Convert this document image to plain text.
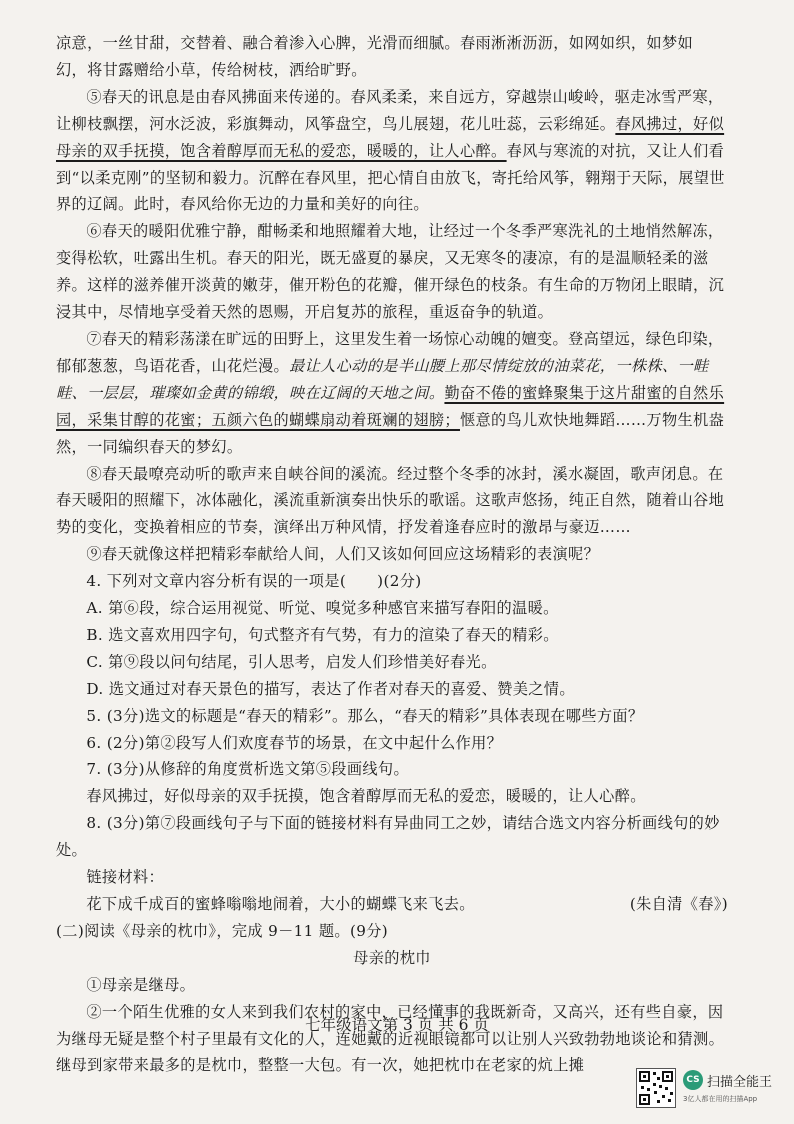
凉意，一丝甘甜，交替着、融合着渗入心脾，光滑而细腻。春雨淅淅沥沥，如网如织，如梦如

幻，将甘露赠给小草，传给树枝，洒给旷野。

⑤春天的讯息是由春风拂面来传递的。春风柔柔，来自远方，穿越崇山峻岭，驱走冰雪严寒，让柳枝飘摆，河水泛波，彩旗舞动，风筝盘空，鸟儿展翅，花儿吐蕊，云彩绵延。春风拂过，好似母亲的双手抚摸，饱含着醇厚而无私的爱恋，暖暖的，让人心醉。春风与寒流的对抗，又让人们看到“以柔克刚”的坚韧和毅力。沉醉在春风里，把心情自由放飞，寄托给风筝，翱翔于天际，展望世界的辽阔。此时，春风给你无边的力量和美好的向往。

⑥春天的暖阳优雅宁静，酣畅柔和地照耀着大地，让经过一个冬季严寒洗礼的土地悄然解冻，变得松软，吐露出生机。春天的阳光，既无盛夏的暴戾，又无寒冬的凄凉，有的是温顺轻柔的滋养。这样的滋养催开淡黄的嫩芽，催开粉色的花瓣，催开绿色的枝条。有生命的万物闭上眼睛，沉浸其中，尽情地享受着天然的恩赐，开启复苏的旅程，重返奋争的轨道。

⑦春天的精彩荡漾在旷远的田野上，这里发生着一场惊心动魄的嬗变。登高望远，绿色印染，郁郁葱葱，鸟语花香，山花烂漫。最让人心动的是半山腰上那尽情绽放的油菜花，一株株、一畦畦、一层层，璀璨如金黄的锦缎，映在辽阔的天地之间。勤奋不倦的蜜蜂聚集于这片甜蜜的自然乐园，采集甘醇的花蜜；五颜六色的蝴蝶扇动着斑斓的翅膀；惬意的鸟儿欢快地舞蹈……万物生机盎然，一同编织春天的梦幻。

⑧春天最嘹亮动听的歌声来自峡谷间的溪流。经过整个冬季的冰封，溪水凝固，歌声闭息。在春天暖阳的照耀下，冰体融化，溪流重新演奏出快乐的歌谣。这歌声悠扬，纯正自然，随着山谷地势的变化，变换着相应的节奏，演绎出万种风情，抒发着逢春应时的激昂与豪迈……

⑨春天就像这样把精彩奉献给人间，人们又该如何回应这场精彩的表演呢？

4. 下列对文章内容分析有误的一项是(　　)(2分)

A. 第⑥段，综合运用视觉、听觉、嗅觉多种感官来描写春阳的温暖。

B. 选文喜欢用四字句，句式整齐有气势，有力的渲染了春天的精彩。

C. 第⑨段以问句结尾，引人思考，启发人们珍惜美好春光。

D. 选文通过对春天景色的描写，表达了作者对春天的喜爱、赞美之情。

5. (3分)选文的标题是“春天的精彩”。那么，“春天的精彩”具体表现在哪些方面？

6. (2分)第②段写人们欢度春节的场景，在文中起什么作用？

7. (3分)从修辞的角度赏析选文第⑤段画线句。

春风拂过，好似母亲的双手抚摸，饱含着醇厚而无私的爱恋，暖暖的，让人心醉。

8. (3分)第⑦段画线句子与下面的链接材料有异曲同工之妙，请结合选文内容分析画线句的妙处。

链接材料：

花下成千成百的蜜蜂嗡嗡地闹着，大小的蝴蝶飞来飞去。	(朱自清《春》)

(二)阅读《母亲的枕巾》，完成 9－11 题。(9分)

母亲的枕巾

①母亲是继母。

②一个陌生优雅的女人来到我们农村的家中，已经懂事的我既新奇，又高兴，还有些自豪，因为继母无疑是整个村子里最有文化的人，连她戴的近视眼镜都可以让别人兴致勃勃地谈论和猜测。继母到家带来最多的是枕巾，整整一大包。有一次，她把枕巾在老家的炕上摊

七年级语文第 3 页 共 6 页
CS 扫描全能王
3亿人都在用的扫描App
